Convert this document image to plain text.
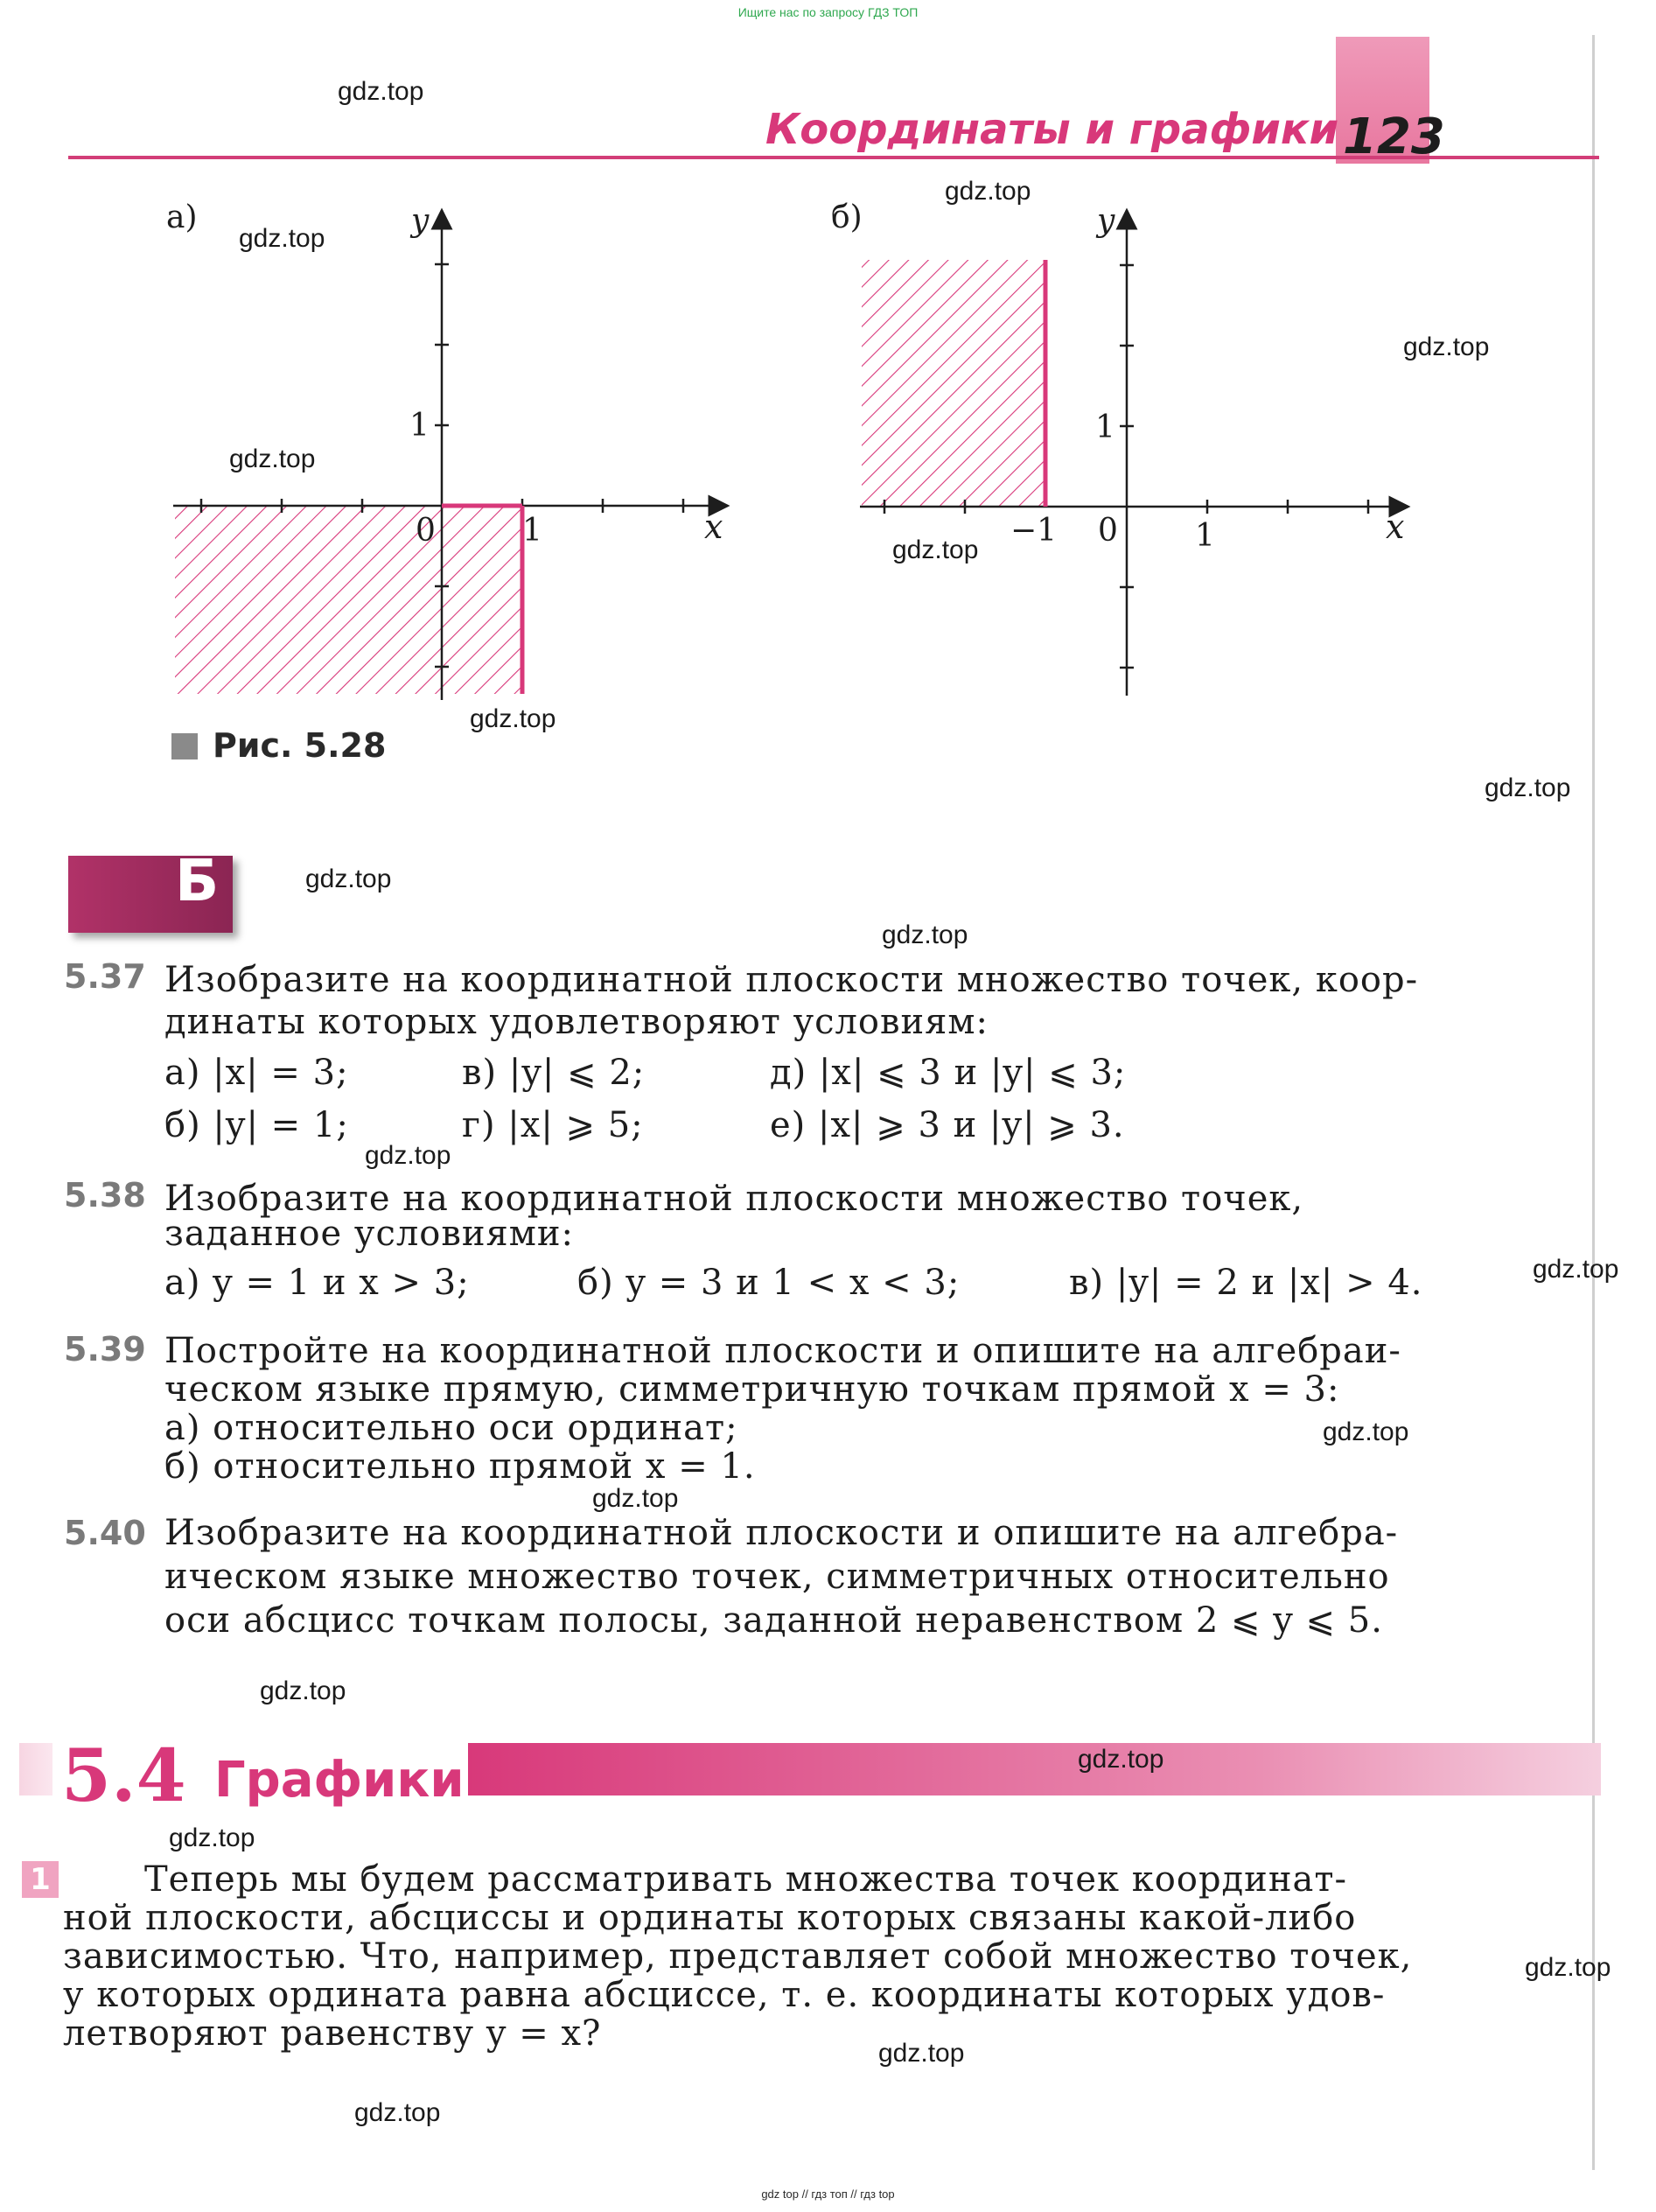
Ищите нас по запросу ГДЗ ТОП
Координаты и графики 123
а)	y
1
0	1	x
б)	y
1
−1 0 1	x
Рис. 5.28
Б
5.37 Изобразите на координатной плоскости множество точек, коор-
динаты которых удовлетворяют условиям:
а) |x| = 3;	в) |y| ⩽ 2;	д) |x| ⩽ 3 и |y| ⩽ 3;
б) |y| = 1;	г) |x| ⩾ 5;	е) |x| ⩾ 3 и |y| ⩾ 3.
5.38 Изобразите на координатной плоскости множество точек,
заданное условиями:
а) y = 1 и x > 3;	б) y = 3 и 1 < x < 3;	в) |y| = 2 и |x| > 4.
5.39 Постройте на координатной плоскости и опишите на алгебраи-
ческом языке прямую, симметричную точкам прямой x = 3:
а) относительно оси ординат;
б) относительно прямой x = 1.
5.40 Изобразите на координатной плоскости и опишите на алгебра-
ическом языке множество точек, симметричных относительно
оси абсцисс точкам полосы, заданной неравенством 2 ⩽ y ⩽ 5.
5.4 Графики
1	Теперь мы будем рассматривать множества точек координат-
ной плоскости, абсциссы и ординаты которых связаны какой-либо
зависимостью. Что, например, представляет собой множество точек,
у которых ордината равна абсциссе, т. е. координаты которых удов-
летворяют равенству y = x?
gdz.top
gdz.top
gdz.top
gdz.top
gdz.top
gdz.top
gdz.top
gdz.top
gdz.top
gdz.top
gdz.top
gdz.top
gdz.top
gdz.top
gdz.top
gdz.top
gdz.top
gdz.top
gdz.top
gdz.top
gdz top // гдз топ // гдз top
